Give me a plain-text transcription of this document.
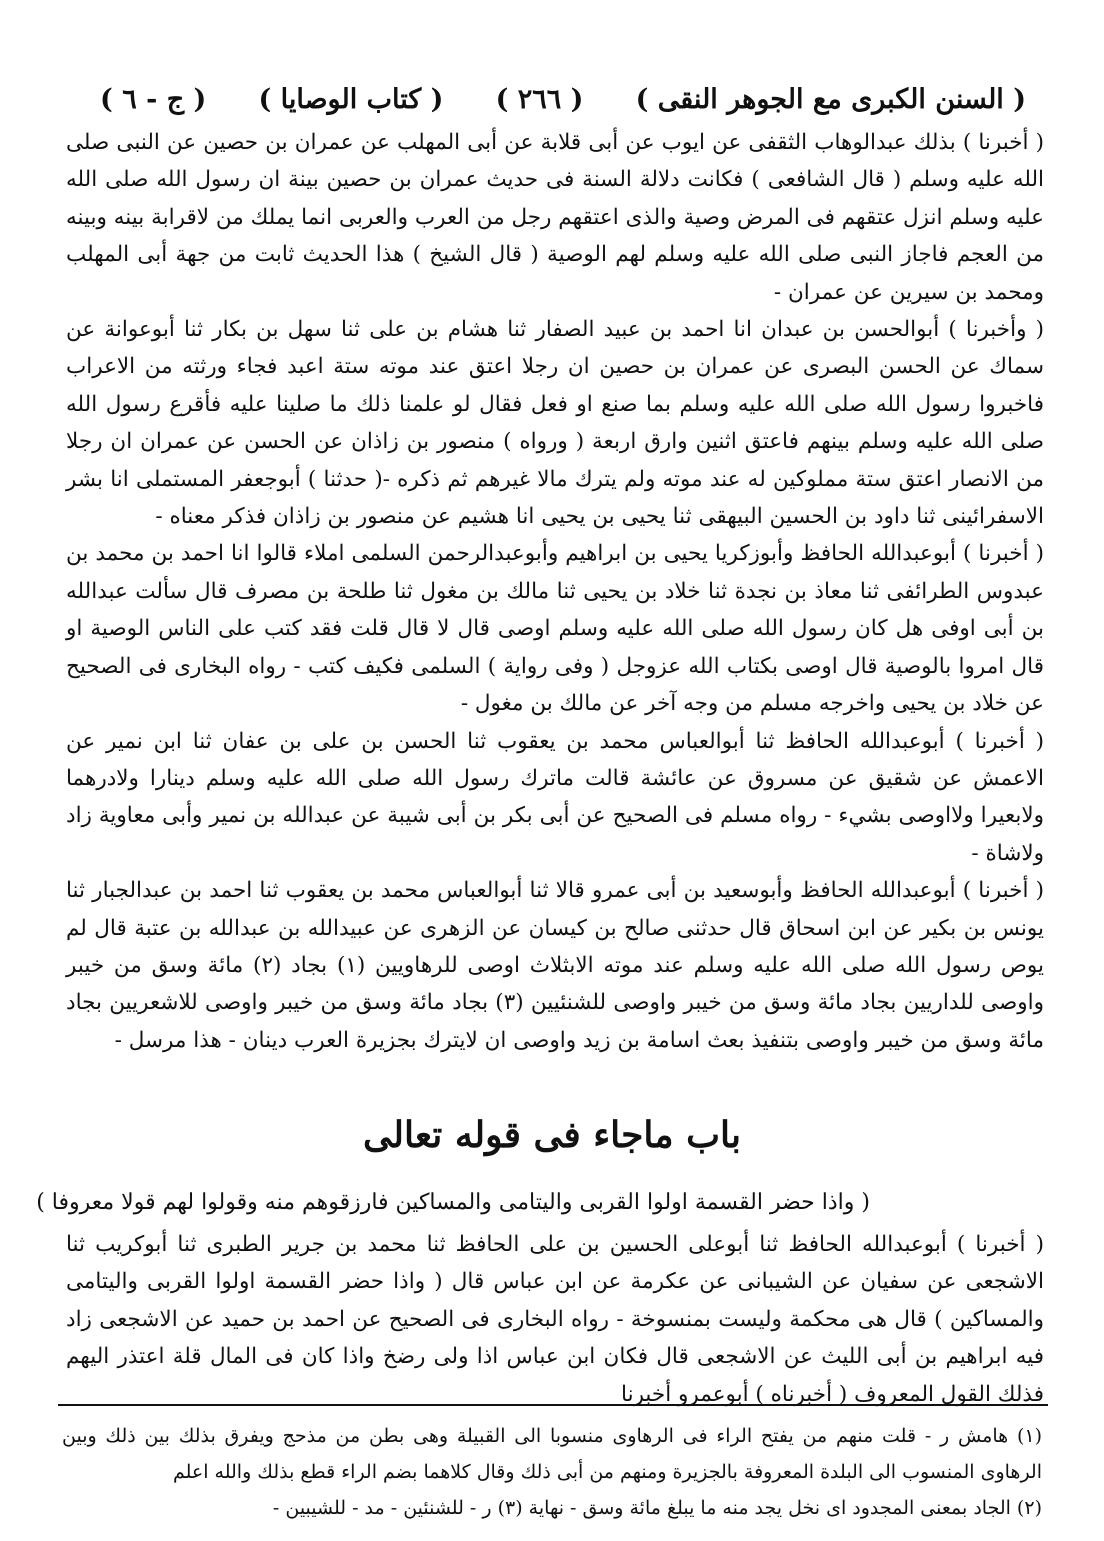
( السنن الكبرى مع الجوهر النقى )
( ٢٦٦ )
( كتاب الوصايا )
( ج - ٦ )

( أخبرنا ) بذلك عبدالوهاب الثقفى عن ايوب عن أبى قلابة عن أبى المهلب عن عمران بن حصين عن النبى صلى الله عليه وسلم ( قال الشافعى ) فكانت دلالة السنة فى حديث عمران بن حصين بينة ان رسول الله صلى الله عليه وسلم انزل عتقهم فى المرض وصية والذى اعتقهم رجل من العرب والعربى انما يملك من لاقرابة بينه وبينه من العجم فاجاز النبى صلى الله عليه وسلم لهم الوصية ( قال الشيخ ) هذا الحديث ثابت من جهة أبى المهلب ومحمد بن سيرين عن عمران -

( وأخبرنا ) أبوالحسن بن عبدان انا احمد بن عبيد الصفار ثنا هشام بن على ثنا سهل بن بكار ثنا أبوعوانة عن سماك عن الحسن البصرى عن عمران بن حصين ان رجلا اعتق عند موته ستة اعبد فجاء ورثته من الاعراب فاخبروا رسول الله صلى الله عليه وسلم بما صنع او فعل فقال لو علمنا ذلك ما صلينا عليه فأقرع رسول الله صلى الله عليه وسلم بينهم فاعتق اثنين وارق اربعة ( ورواه ) منصور بن زاذان عن الحسن عن عمران ان رجلا من الانصار اعتق ستة مملوكين له عند موته ولم يترك مالا غيرهم ثم ذكره -( حدثنا ) أبوجعفر المستملى انا بشر الاسفرائينى ثنا داود بن الحسين البيهقى ثنا يحيى بن يحيى انا هشيم عن منصور بن زاذان فذكر معناه -

( أخبرنا ) أبوعبدالله الحافظ وأبوزكريا يحيى بن ابراهيم وأبوعبدالرحمن السلمى املاء قالوا انا احمد بن محمد بن عبدوس الطرائفى ثنا معاذ بن نجدة ثنا خلاد بن يحيى ثنا مالك بن مغول ثنا طلحة بن مصرف قال سألت عبدالله بن أبى اوفى هل كان رسول الله صلى الله عليه وسلم اوصى قال لا قال قلت فقد كتب على الناس الوصية او قال امروا بالوصية قال اوصى بكتاب الله عزوجل ( وفى رواية ) السلمى فكيف كتب - رواه البخارى فى الصحيح عن خلاد بن يحيى واخرجه مسلم من وجه آخر عن مالك بن مغول -

( أخبرنا ) أبوعبدالله الحافظ ثنا أبوالعباس محمد بن يعقوب ثنا الحسن بن على بن عفان ثنا ابن نمير عن الاعمش عن شقيق عن مسروق عن عائشة قالت ماترك رسول الله صلى الله عليه وسلم دينارا ولادرهما ولابعيرا ولااوصى بشيء - رواه مسلم فى الصحيح عن أبى بكر بن أبى شيبة عن عبدالله بن نمير وأبى معاوية زاد ولاشاة -

( أخبرنا ) أبوعبدالله الحافظ وأبوسعيد بن أبى عمرو قالا ثنا أبوالعباس محمد بن يعقوب ثنا احمد بن عبدالجبار ثنا يونس بن بكير عن ابن اسحاق قال حدثنى صالح بن كيسان عن الزهرى عن عبيدالله بن عبدالله بن عتبة قال لم يوص رسول الله صلى الله عليه وسلم عند موته الابثلاث اوصى للرهاويين (١) بجاد (٢) مائة وسق من خيبر واوصى للداريين بجاد مائة وسق من خيبر واوصى للشنئيين (٣) بجاد مائة وسق من خيبر واوصى للاشعريين بجاد مائة وسق من خيبر واوصى بتنفيذ بعث اسامة بن زيد واوصى ان لايترك بجزيرة العرب دينان - هذا مرسل -

باب ماجاء فى قوله تعالى
( واذا حضر القسمة اولوا القربى واليتامى والمساكين فارزقوهم منه وقولوا لهم قولا معروفا )

( أخبرنا ) أبوعبدالله الحافظ ثنا أبوعلى الحسين بن على الحافظ ثنا محمد بن جرير الطبرى ثنا أبوكريب ثنا الاشجعى عن سفيان عن الشيبانى عن عكرمة عن ابن عباس قال ( واذا حضر القسمة اولوا القربى واليتامى والمساكين ) قال هى محكمة وليست بمنسوخة - رواه البخارى فى الصحيح عن احمد بن حميد عن الاشجعى زاد فيه ابراهيم بن أبى الليث عن الاشجعى قال فكان ابن عباس اذا ولى رضخ واذا كان فى المال قلة اعتذر اليهم فذلك القول المعروف ( أخبرناه ) أبوعمرو أخبرنا

(١) هامش ر - قلت منهم من يفتح الراء فى الرهاوى منسوبا الى القبيلة وهى بطن من مذحج ويفرق بذلك بين ذلك وبين الرهاوى المنسوب الى البلدة المعروفة بالجزيرة ومنهم من أبى ذلك وقال كلاهما بضم الراء قطع بذلك والله اعلم

(٢) الجاد بمعنى المجدود اى نخل يجد منه ما يبلغ مائة وسق - نهاية (٣) ر - للشنئين - مد - للشيبين -
